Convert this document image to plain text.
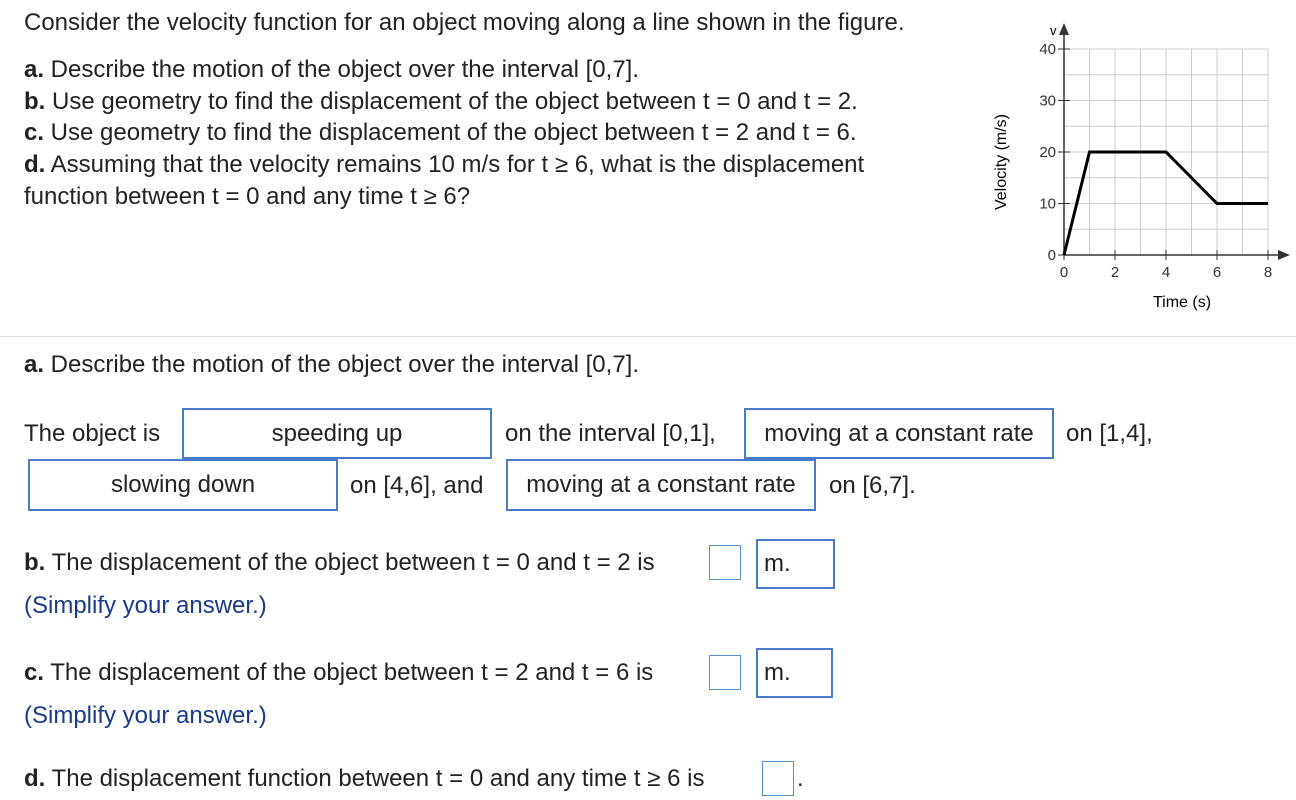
Consider the velocity function for an object moving along a line shown in the figure.
a. Describe the motion of the object over the interval [0,7].
b. Use geometry to find the displacement of the object between t = 0 and t = 2.
c. Use geometry to find the displacement of the object between t = 2 and t = 6.
d. Assuming that the velocity remains 10 m/s for t ≥ 6, what is the displacement
function between t = 0 and any time t ≥ 6?
0	2	4	6	8
0
10
20
30
40
v
Velocity (m/s)
Time (s)
a. Describe the motion of the object over the interval [0,7].
The object is	speeding up	on the interval [0,1],	moving at a constant rate	on [1,4],
slowing down	on [4,6], and	moving at a constant rate	on [6,7].
b. The displacement of the object between t = 0 and t = 2 is	m.
(Simplify your answer.)
c. The displacement of the object between t = 2 and t = 6 is	m.
(Simplify your answer.)
d. The displacement function between t = 0 and any time t ≥ 6 is	.
